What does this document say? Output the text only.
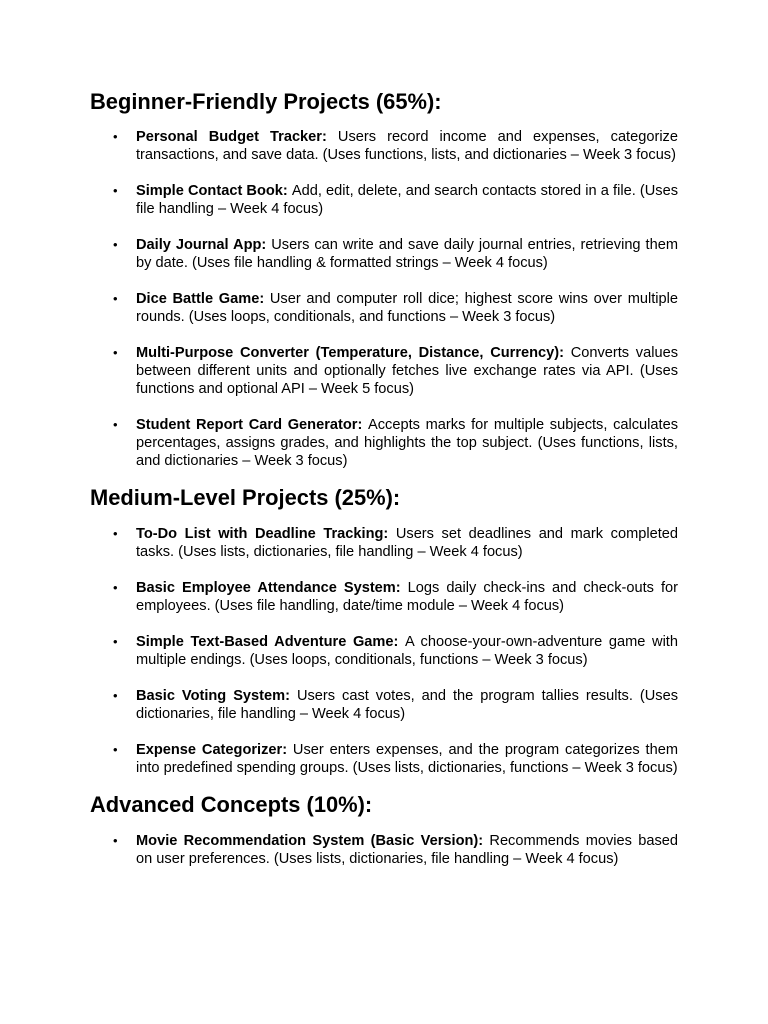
Beginner-Friendly Projects (65%):
• Personal Budget Tracker: Users record income and expenses, categorize transactions, and save data. (Uses functions, lists, and dictionaries – Week 3 focus)
• Simple Contact Book: Add, edit, delete, and search contacts stored in a file. (Uses file handling – Week 4 focus)
• Daily Journal App: Users can write and save daily journal entries, retrieving them by date. (Uses file handling & formatted strings – Week 4 focus)
• Dice Battle Game: User and computer roll dice; highest score wins over multiple rounds. (Uses loops, conditionals, and functions – Week 3 focus)
• Multi-Purpose Converter (Temperature, Distance, Currency): Converts values between different units and optionally fetches live exchange rates via API. (Uses functions and optional API – Week 5 focus)
• Student Report Card Generator: Accepts marks for multiple subjects, calculates percentages, assigns grades, and highlights the top subject. (Uses functions, lists, and dictionaries – Week 3 focus)
Medium-Level Projects (25%):
• To-Do List with Deadline Tracking: Users set deadlines and mark completed tasks. (Uses lists, dictionaries, file handling – Week 4 focus)
• Basic Employee Attendance System: Logs daily check-ins and check-outs for employees. (Uses file handling, date/time module – Week 4 focus)
• Simple Text-Based Adventure Game: A choose-your-own-adventure game with multiple endings. (Uses loops, conditionals, functions – Week 3 focus)
• Basic Voting System: Users cast votes, and the program tallies results. (Uses dictionaries, file handling – Week 4 focus)
• Expense Categorizer: User enters expenses, and the program categorizes them into predefined spending groups. (Uses lists, dictionaries, functions – Week 3 focus)
Advanced Concepts (10%):
• Movie Recommendation System (Basic Version): Recommends movies based on user preferences. (Uses lists, dictionaries, file handling – Week 4 focus)
